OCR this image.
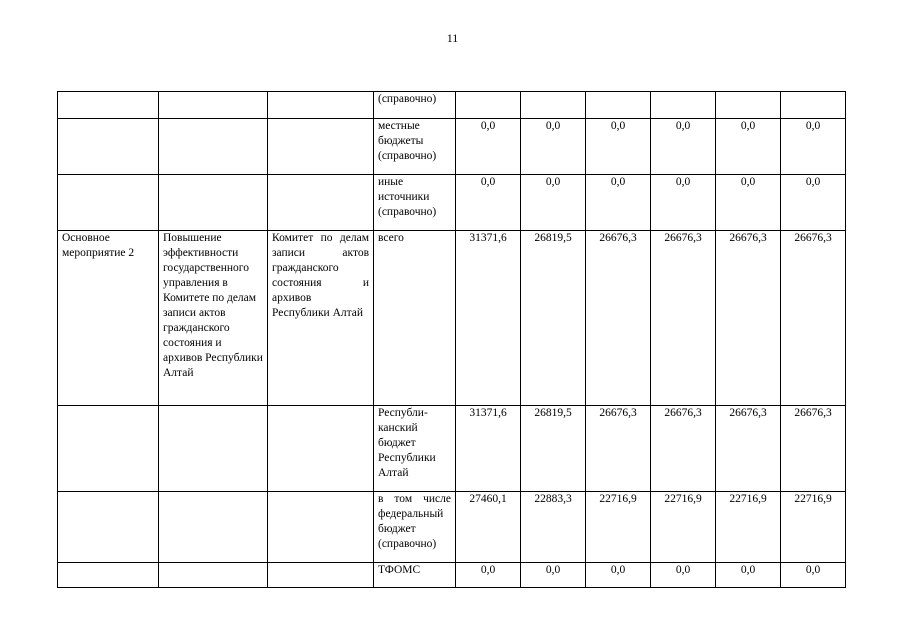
11
			(справочно)						
			местные бюджеты (справочно)	0,0	0,0	0,0	0,0	0,0	0,0
			иные источники (справочно)	0,0	0,0	0,0	0,0	0,0	0,0
Основное мероприятие 2	Повышение эффективности государственного управления в Комитете по делам записи актов гражданского состояния и архивов Республики Алтай	Комитет по делам записи актов гражданского состояния и архивов Республики Алтай	всего	31371,6	26819,5	26676,3	26676,3	26676,3	26676,3
			Республи-канский бюджет Республики Алтай	31371,6	26819,5	26676,3	26676,3	26676,3	26676,3
			в том числе федеральный бюджет (справочно)	27460,1	22883,3	22716,9	22716,9	22716,9	22716,9
			ТФОМС	0,0	0,0	0,0	0,0	0,0	0,0
